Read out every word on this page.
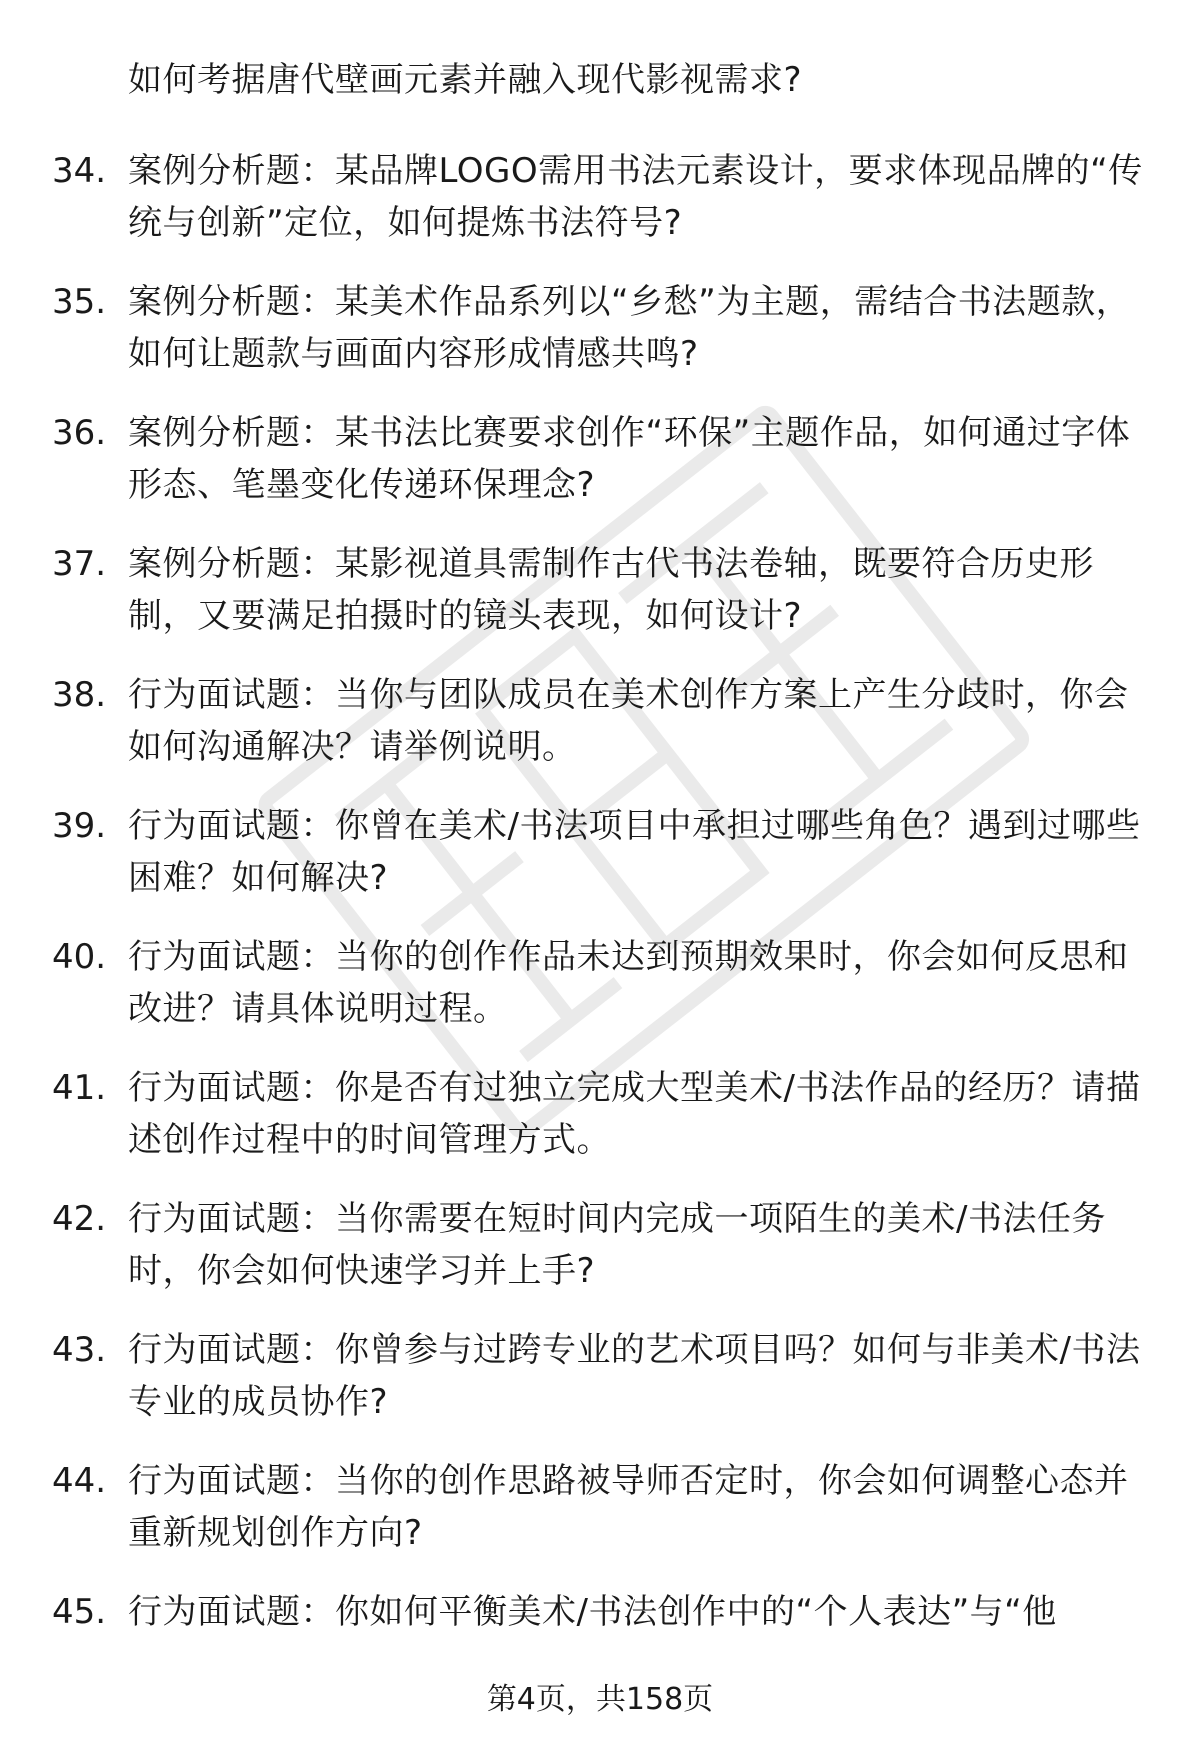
如何考据唐代壁画元素并融入现代影视需求?
34. 案例分析题：某品牌LOGO需用书法元素设计，要求体现品牌的“传统与创新”定位，如何提炼书法符号?
35. 案例分析题：某美术作品系列以“乡愁”为主题，需结合书法题款，如何让题款与画面内容形成情感共鸣?
36. 案例分析题：某书法比赛要求创作“环保”主题作品，如何通过字体形态、笔墨变化传递环保理念?
37. 案例分析题：某影视道具需制作古代书法卷轴，既要符合历史形制，又要满足拍摄时的镜头表现，如何设计?
38. 行为面试题：当你与团队成员在美术创作方案上产生分歧时，你会如何沟通解决？请举例说明。
39. 行为面试题：你曾在美术/书法项目中承担过哪些角色？遇到过哪些困难？如何解决?
40. 行为面试题：当你的创作作品未达到预期效果时，你会如何反思和改进？请具体说明过程。
41. 行为面试题：你是否有过独立完成大型美术/书法作品的经历？请描述创作过程中的时间管理方式。
42. 行为面试题：当你需要在短时间内完成一项陌生的美术/书法任务时，你会如何快速学习并上手?
43. 行为面试题：你曾参与过跨专业的艺术项目吗？如何与非美术/书法专业的成员协作?
44. 行为面试题：当你的创作思路被导师否定时，你会如何调整心态并重新规划创作方向?
45. 行为面试题：你如何平衡美术/书法创作中的“个人表达”与“他
第4页，共158页
